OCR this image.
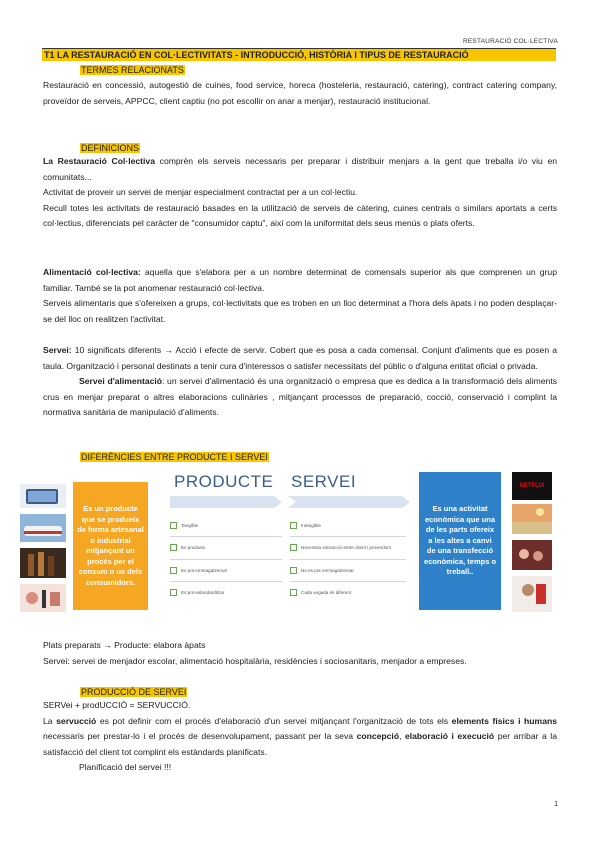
RESTAURACIÓ COL·LECTIVA
T1 LA RESTAURACIÓ EN COL·LECTIVITATS - INTRODUCCIÓ, HISTÒRIA I TIPUS DE RESTAURACIÓ
TERMES RELACIONATS

Restauració en concessió, autogestió de cuines, food service, horeca (hosteleria, restauració, catering), contract catering company, proveïdor de serveis, APPCC, client captiu (no pot escollir on anar a menjar), restauració institucional.

DEFINICIONS

La Restauració Col·lectiva comprèn els serveis necessaris per preparar i distribuir menjars a la gent que treballa i/o viu en comunitats...

Activitat de proveir un servei de menjar especialment contractat per a un col·lectiu.

Recull totes les activitats de restauració basades en la utilització de serveis de càtering, cuines centrals o similars aportats a certs col·lectius, diferenciats pel caràcter de "consumidor captu", així com la uniformitat dels seus menús o plats oferts.

Alimentació col·lectiva: aquella que s'elabora per a un nombre determinat de comensals superior als que comprenen un grup familiar. També se la pot anomenar restauració col·lectiva.

Serveis alimentaris que s'ofereixen a grups, col·lectivitats que es troben en un lloc determinat a l'hora dels àpats i no poden desplaçar-se del lloc on realitzen l'activitat.

Servei: 10 significats diferents → Acció i efecte de servir. Cobert que es posa a cada comensal. Conjunt d'aliments que es posen a taula. Organització i personal destinats a tenir cura d'interessos o satisfer necessitats del públic o d'alguna entitat oficial o privada.

Servei d'alimentació: un servei d'alimentació és una organització o empresa que es dedica a la transformació dels aliments crus en menjar preparat o altres elaboracions culinàries , mitjançant processos de preparació, cocció, conservació i complint la normativa sanitària de manipulació d'aliments.

DIFERÈNCIES ENTRE PRODUCTE I SERVEI
Es un producte que se produeix de forma artesanal o industrial mitjançant un procés per el consum o us dels consumidors.
PRODUCTE SERVEI
Tangible
Es produeix
Es pot emmagatzemar
Es pot estandarditzar
Intangible
Necessita interacció entre client i proveïdors
No es pot emmagatzemar
Cada vegada és diferent
Es una activitat econòmica que una de les parts ofereix a les altes a canvi de una transfecció econòmica, temps o treball..
NETFLIX

Plats preparats → Producte: elabora àpats

Servei: servei de menjador escolar, alimentació hospitalària, residències i sociosanitaris, menjador a empreses.

PRODUCCIÓ DE SERVEI

SERVei + prodUCCIÓ = SERVUCCIÓ.

La servucció es pot definir com el procés d'elaboració d'un servei mitjançant l'organització de tots els elements físics i humans necessaris per prestar-lo i el procés de desenvolupament, passant per la seva concepció, elaboració i execució per arribar a la satisfacció del client tot complint els estàndards planificats.

Planificació del servei !!!

1
